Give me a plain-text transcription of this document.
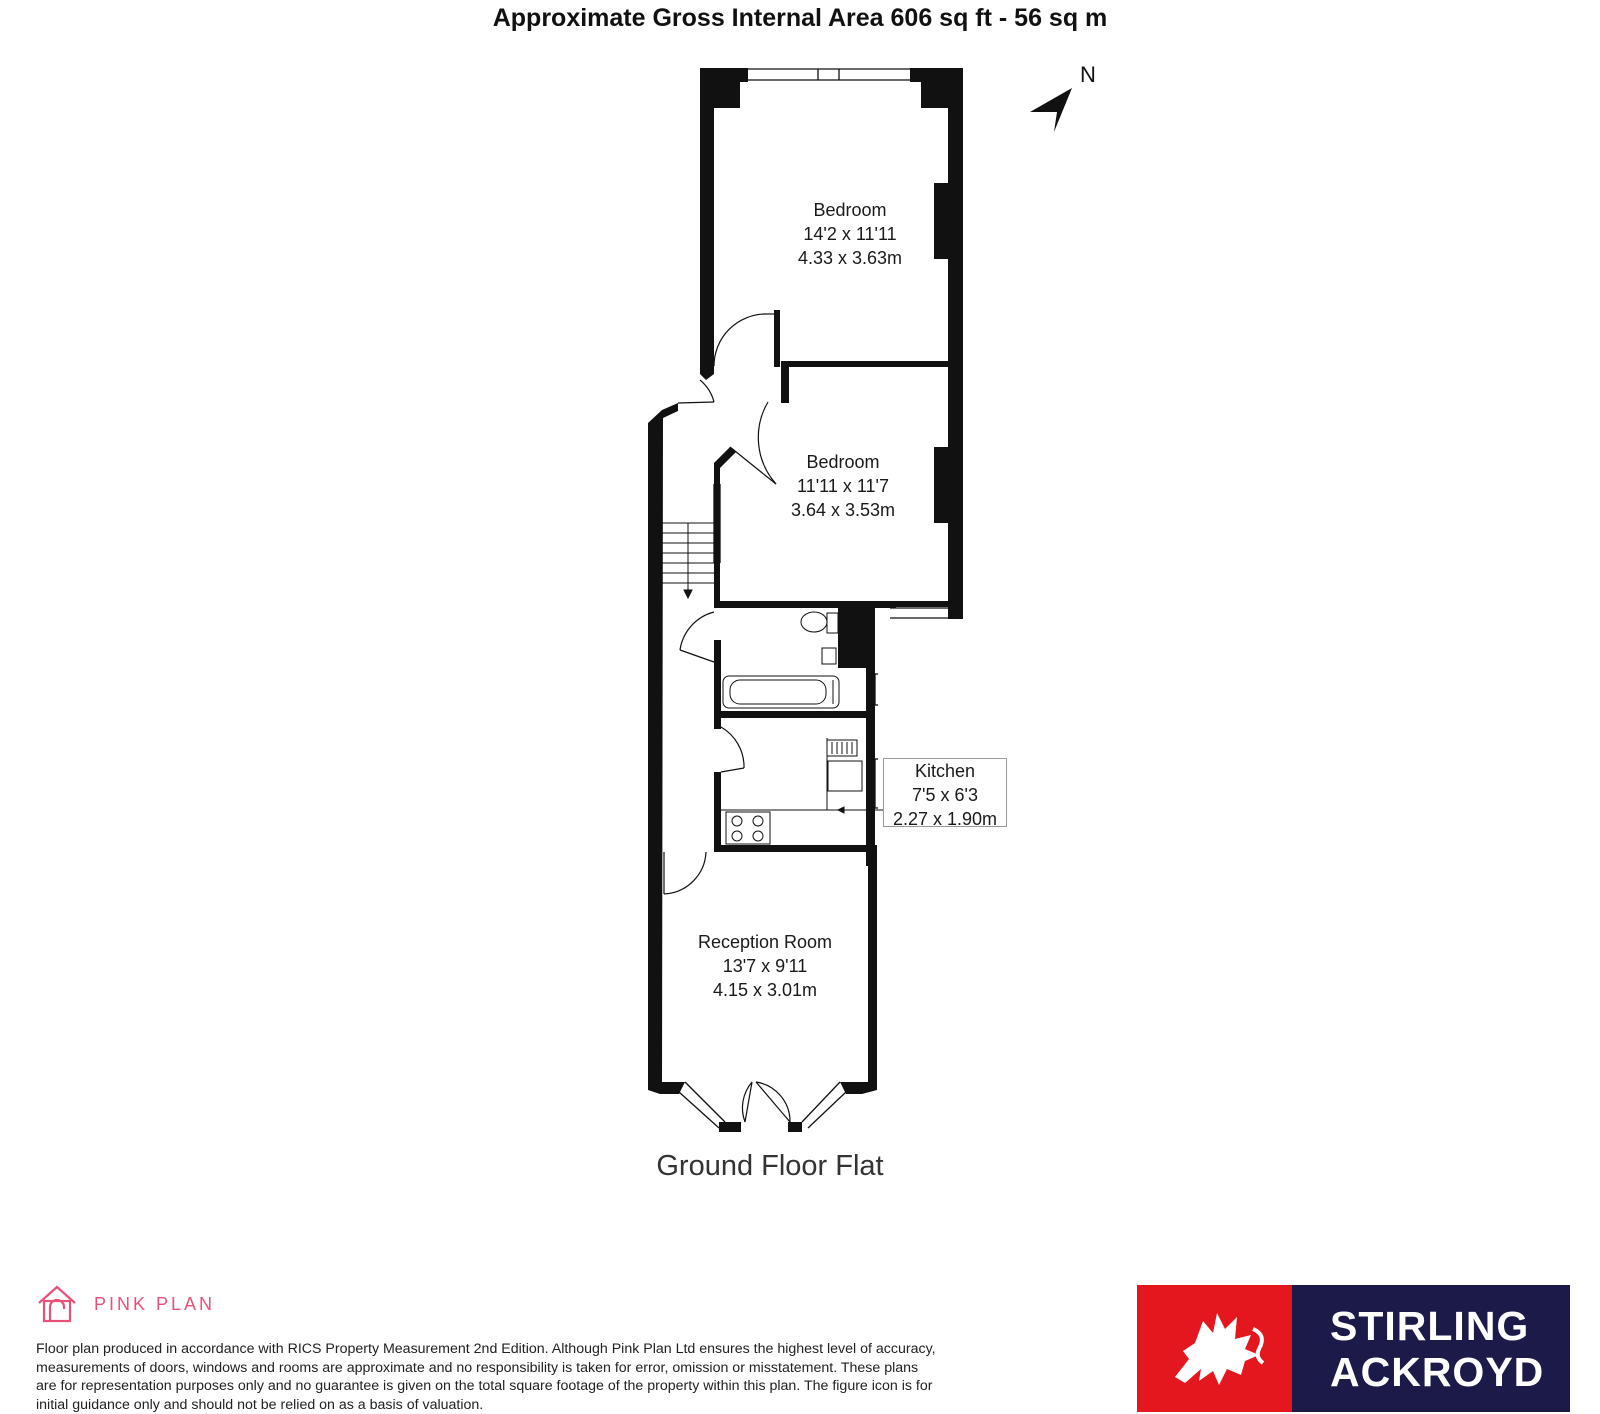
Approximate Gross Internal Area 606 sq ft - 56 sq m
N
Bedroom
14'2 x 11'11
4.33 x 3.63m
Bedroom
11'11 x 11'7
3.64 x 3.53m
Kitchen
7'5 x 6'3
2.27 x 1.90m
Reception Room
13'7 x 9'11
4.15 x 3.01m
Ground Floor Flat
PINK PLAN
Floor plan produced in accordance with RICS Property Measurement 2nd Edition. Although Pink Plan Ltd ensures the highest level of accuracy, measurements of doors, windows and rooms are approximate and no responsibility is taken for error, omission or misstatement. These plans are for representation purposes only and no guarantee is given on the total square footage of the property within this plan. The figure icon is for initial guidance only and should not be relied on as a basis of valuation.
STIRLING
ACKROYD
